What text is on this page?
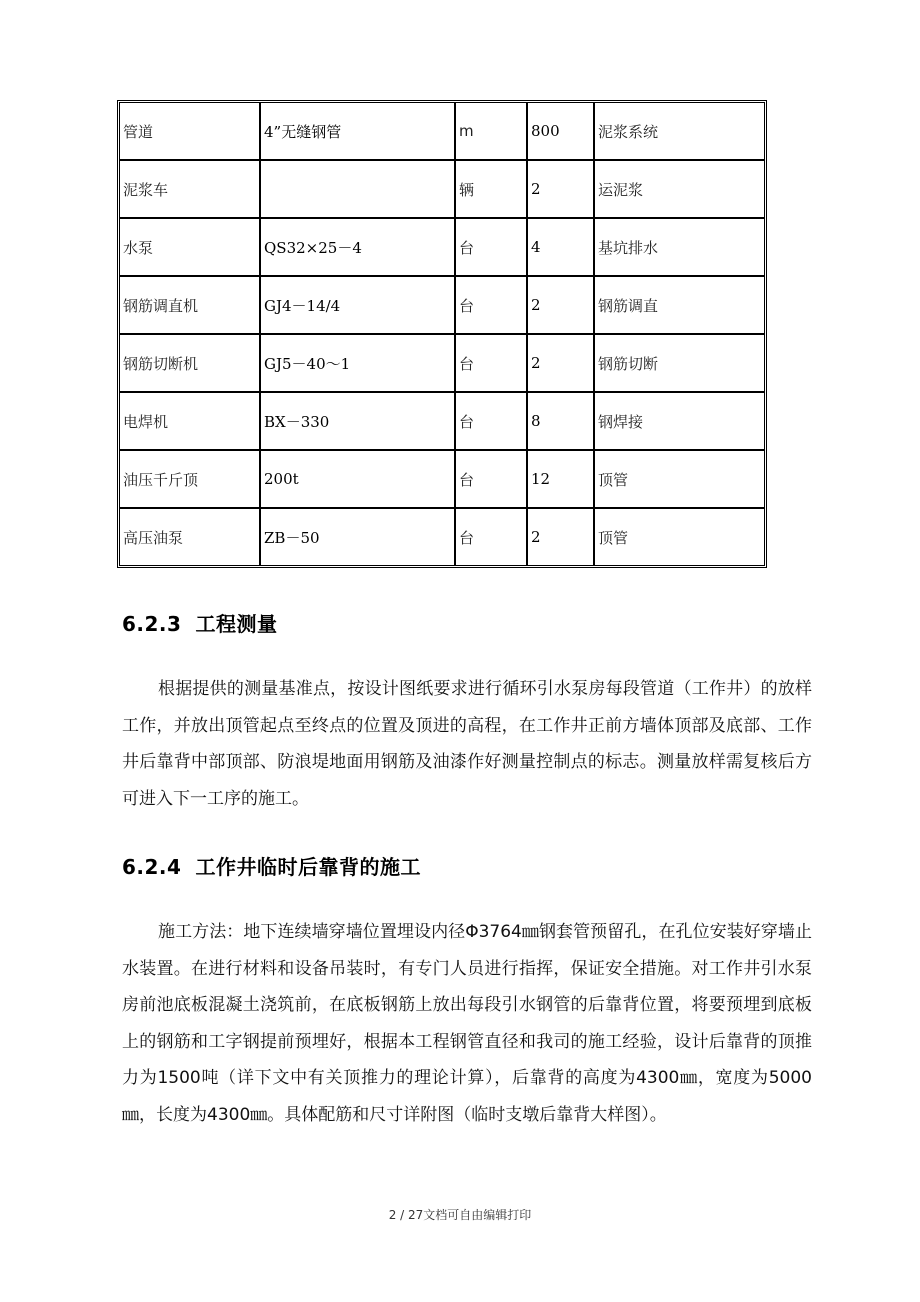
管道	4”无缝钢管	m	800	泥浆系统
泥浆车		辆	2	运泥浆
水泵	QS32×25－4	台	4	基坑排水
钢筋调直机	GJ4－14/4	台	2	钢筋调直
钢筋切断机	GJ5－40～1	台	2	钢筋切断
电焊机	BX－330	台	8	钢焊接
油压千斤顶	200t	台	12	顶管
高压油泵	ZB－50	台	2	顶管
6.2.3 工程测量

根据提供的测量基准点，按设计图纸要求进行循环引水泵房每段管道（工作井）的放样工作，并放出顶管起点至终点的位置及顶进的高程，在工作井正前方墙体顶部及底部、工作井后靠背中部顶部、防浪堤地面用钢筋及油漆作好测量控制点的标志。测量放样需复核后方可进入下一工序的施工。

6.2.4 工作井临时后靠背的施工

施工方法：地下连续墙穿墙位置埋设内径Φ3764㎜钢套管预留孔，在孔位安装好穿墙止水装置。在进行材料和设备吊装时，有专门人员进行指挥，保证安全措施。对工作井引水泵房前池底板混凝土浇筑前，在底板钢筋上放出每段引水钢管的后靠背位置，将要预埋到底板上的钢筋和工字钢提前预埋好，根据本工程钢管直径和我司的施工经验，设计后靠背的顶推力为1500吨（详下文中有关顶推力的理论计算），后靠背的高度为4300㎜，宽度为5000㎜，长度为4300㎜。具体配筋和尺寸详附图（临时支墩后靠背大样图）。

2 / 27文档可自由编辑打印
